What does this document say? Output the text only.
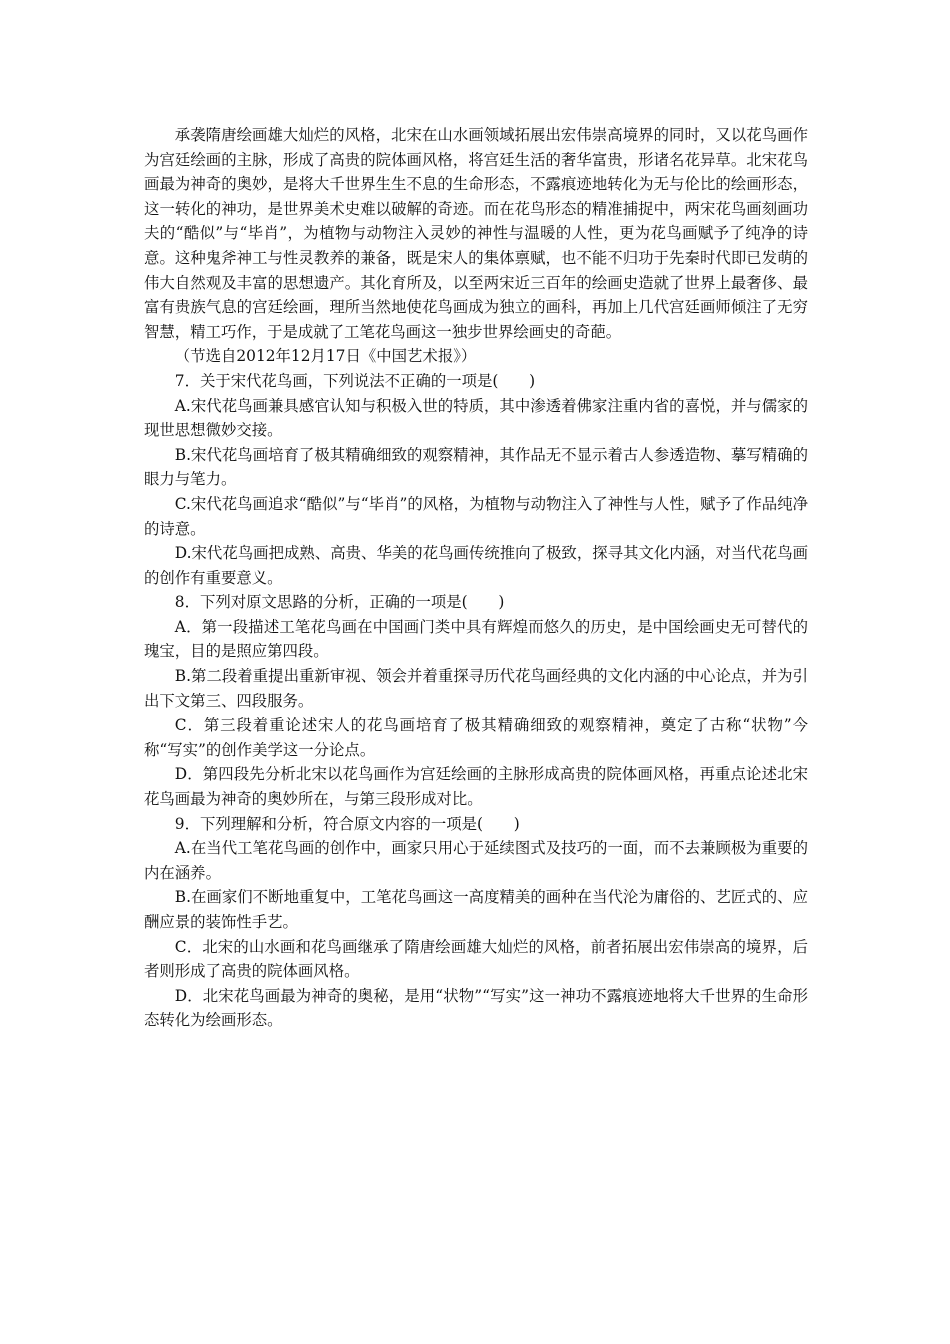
承袭隋唐绘画雄大灿烂的风格，北宋在山水画领域拓展出宏伟崇高境界的同时，又以花鸟画作为宫廷绘画的主脉，形成了高贵的院体画风格，将宫廷生活的奢华富贵，形诸名花异草。北宋花鸟画最为神奇的奥妙，是将大千世界生生不息的生命形态，不露痕迹地转化为无与伦比的绘画形态，这一转化的神功，是世界美术史难以破解的奇迹。而在花鸟形态的精准捕捉中，两宋花鸟画刻画功夫的“酷似”与“毕肖”，为植物与动物注入灵妙的神性与温暖的人性，更为花鸟画赋予了纯净的诗意。这种鬼斧神工与性灵教养的兼备，既是宋人的集体禀赋，也不能不归功于先秦时代即已发萌的伟大自然观及丰富的思想遗产。其化育所及，以至两宋近三百年的绘画史造就了世界上最奢侈、最富有贵族气息的宫廷绘画，理所当然地使花鸟画成为独立的画科，再加上几代宫廷画师倾注了无穷智慧，精工巧作，于是成就了工笔花鸟画这一独步世界绘画史的奇葩。

（节选自2012年12月17日《中国艺术报》）

7．关于宋代花鸟画，下列说法不正确的一项是(　　)

A.宋代花鸟画兼具感官认知与积极入世的特质，其中渗透着佛家注重内省的喜悦，并与儒家的现世思想微妙交接。

B.宋代花鸟画培育了极其精确细致的观察精神，其作品无不显示着古人参透造物、摹写精确的眼力与笔力。

C.宋代花鸟画追求“酷似”与“毕肖”的风格，为植物与动物注入了神性与人性，赋予了作品纯净的诗意。

D.宋代花鸟画把成熟、高贵、华美的花鸟画传统推向了极致，探寻其文化内涵，对当代花鸟画的创作有重要意义。

8．下列对原文思路的分析，正确的一项是(　　)

A．第一段描述工笔花鸟画在中国画门类中具有辉煌而悠久的历史，是中国绘画史无可替代的瑰宝，目的是照应第四段。

B.第二段着重提出重新审视、领会并着重探寻历代花鸟画经典的文化内涵的中心论点，并为引出下文第三、四段服务。

C．第三段着重论述宋人的花鸟画培育了极其精确细致的观察精神，奠定了古称“状物”今称“写实”的创作美学这一分论点。

D．第四段先分析北宋以花鸟画作为宫廷绘画的主脉形成高贵的院体画风格，再重点论述北宋花鸟画最为神奇的奥妙所在，与第三段形成对比。

9．下列理解和分析，符合原文内容的一项是(　　)

A.在当代工笔花鸟画的创作中，画家只用心于延续图式及技巧的一面，而不去兼顾极为重要的内在涵养。

B.在画家们不断地重复中，工笔花鸟画这一高度精美的画种在当代沦为庸俗的、艺匠式的、应酬应景的装饰性手艺。

C．北宋的山水画和花鸟画继承了隋唐绘画雄大灿烂的风格，前者拓展出宏伟崇高的境界，后者则形成了高贵的院体画风格。

D．北宋花鸟画最为神奇的奥秘，是用“状物”“写实”这一神功不露痕迹地将大千世界的生命形态转化为绘画形态。
